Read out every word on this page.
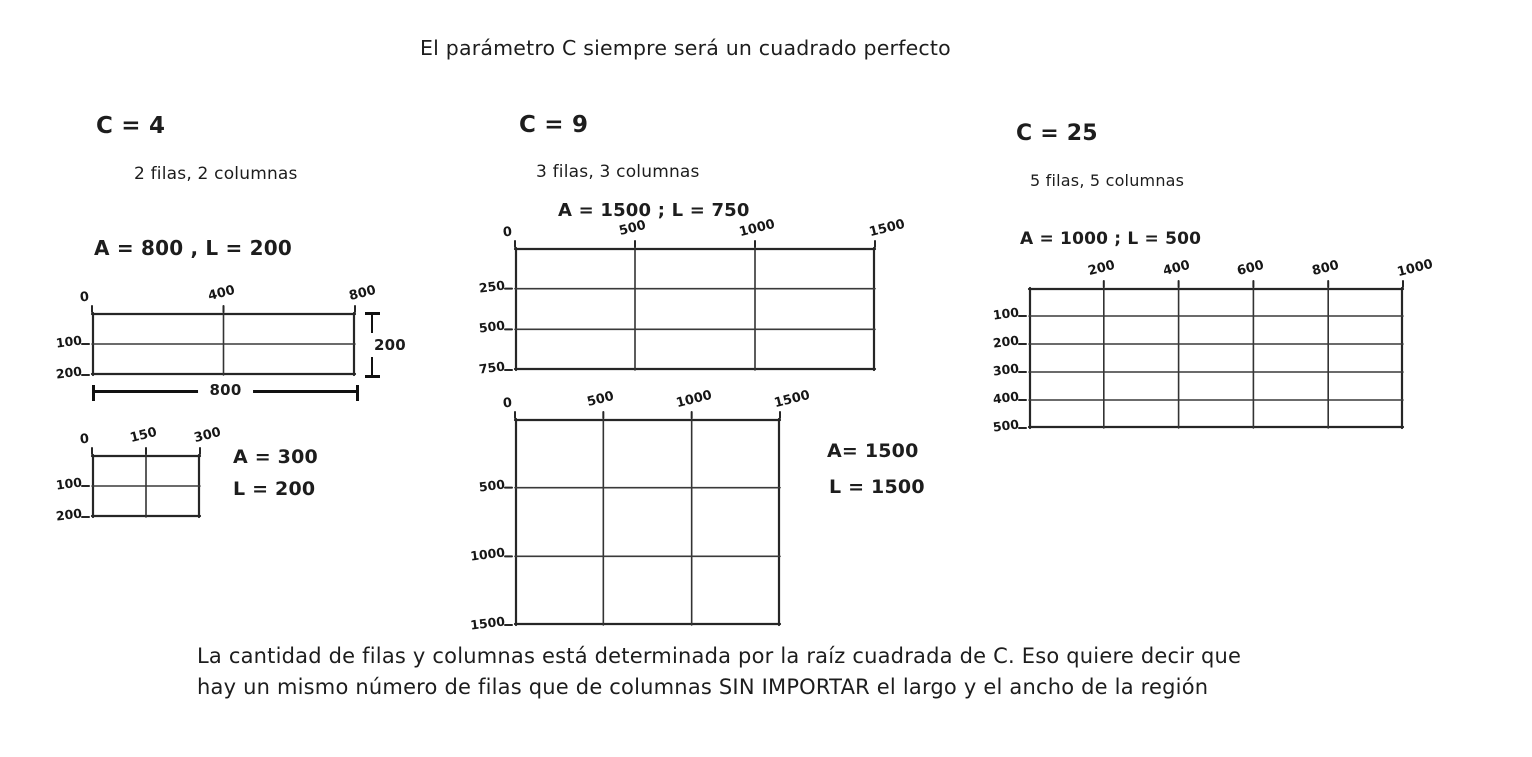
El parámetro C siempre será un cuadrado perfecto
C = 4
2 filas, 2 columnas
A = 800 , L = 200
0	400	800
100
200
200
800
0	150	300
100
200
A = 300
L = 200
C = 9
3 filas, 3 columnas
A = 1500 ; L = 750
0	500	1000	1500
250
500
750
0	500	1000	1500
500
1000
1500
A= 1500
L = 1500
C = 25
5 filas, 5 columnas
A = 1000 ; L = 500
200	400	600	800	1000
100
200
300
400
500
La cantidad de filas y columnas está determinada por la raíz cuadrada de C. Eso quiere decir que
hay un mismo número de filas que de columnas SIN IMPORTAR el largo y el ancho de la región
